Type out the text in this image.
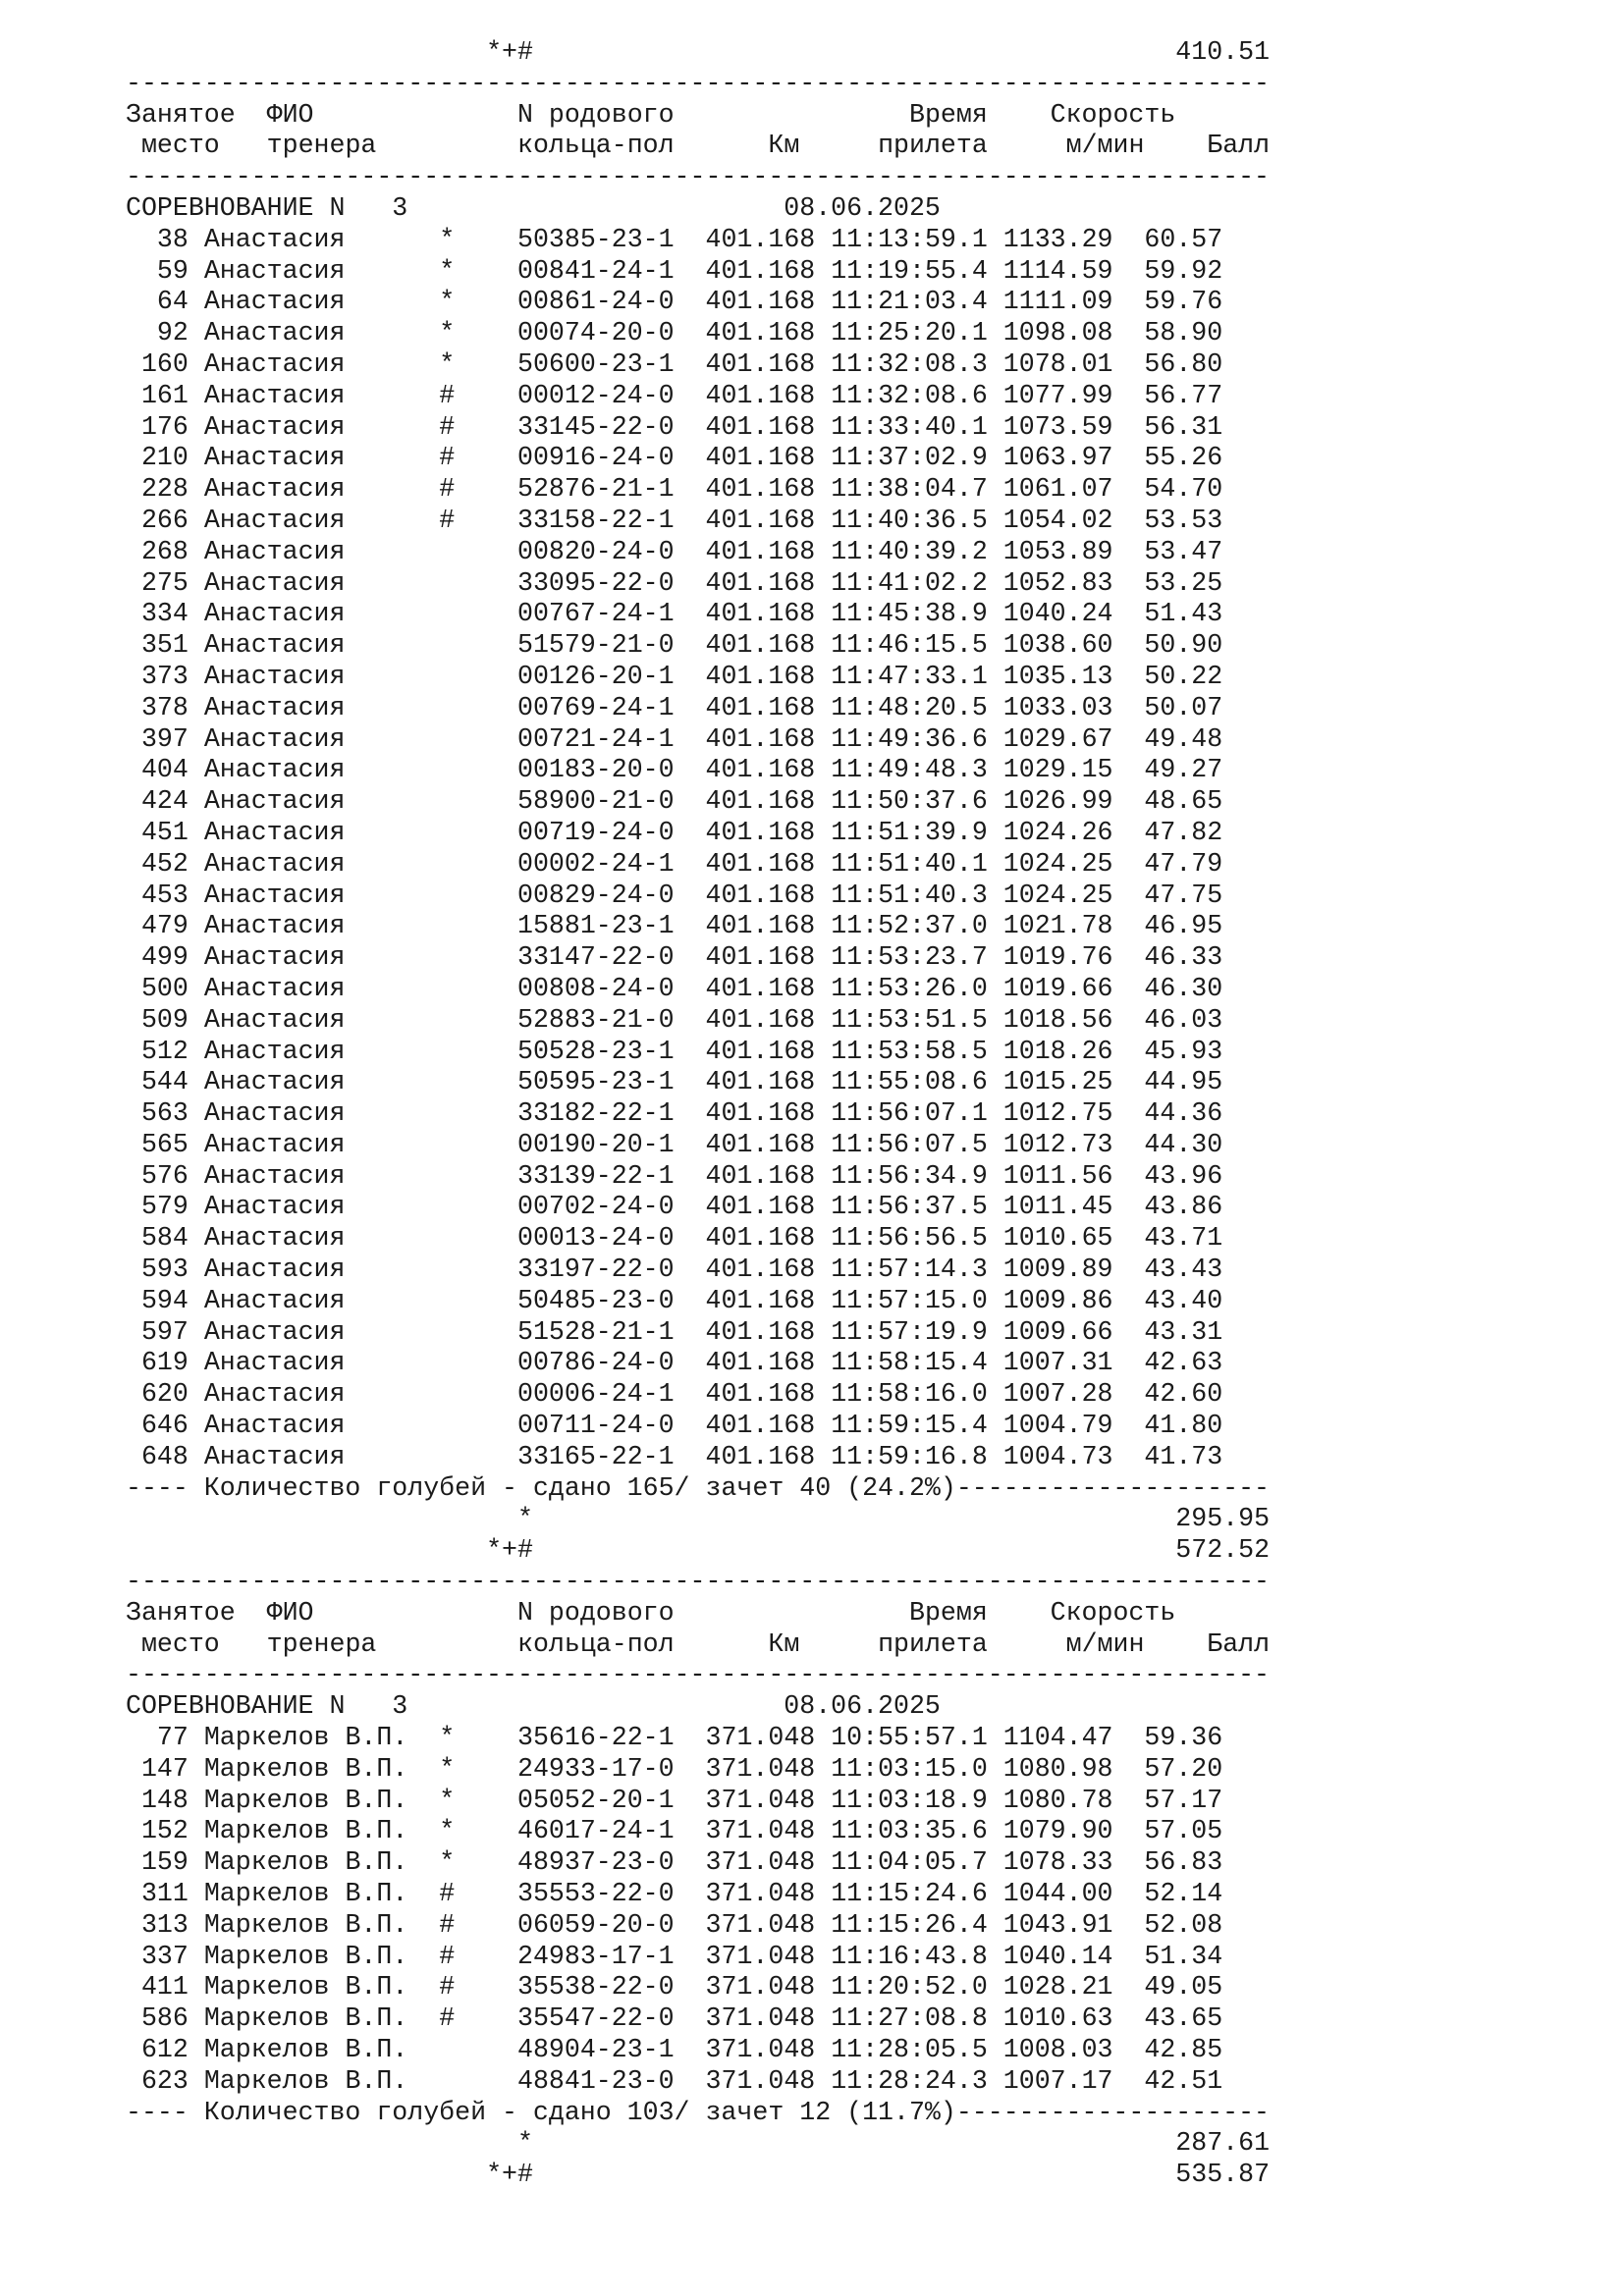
*+#	410.51
-------------------------------------------------------------------------
Занятое ФИО	N родового	Время Скорость
место тренера	кольца-пол	Км	прилета	м/мин Балл
-------------------------------------------------------------------------
СОРЕВНОВАНИЕ N   3	08.06.2025
38 Анастасия      *    50385-23-1  401.168 11:13:59.1 1133.29 60.57
59 Анастасия      *    00841-24-1  401.168 11:19:55.4 1114.59 59.92
64 Анастасия      *    00861-24-0  401.168 11:21:03.4 1111.09 59.76
92 Анастасия      *    00074-20-0  401.168 11:25:20.1 1098.08 58.90
160 Анастасия      *    50600-23-1  401.168 11:32:08.3 1078.01 56.80
161 Анастасия      #    00012-24-0  401.168 11:32:08.6 1077.99 56.77
176 Анастасия      #    33145-22-0  401.168 11:33:40.1 1073.59 56.31
210 Анастасия      #    00916-24-0  401.168 11:37:02.9 1063.97 55.26
228 Анастасия      #    52876-21-1  401.168 11:38:04.7 1061.07 54.70
266 Анастасия      #    33158-22-1  401.168 11:40:36.5 1054.02 53.53
268 Анастасия	00820-24-0  401.168 11:40:39.2 1053.89 53.47
275 Анастасия	33095-22-0  401.168 11:41:02.2 1052.83 53.25
334 Анастасия	00767-24-1  401.168 11:45:38.9 1040.24 51.43
351 Анастасия	51579-21-0  401.168 11:46:15.5 1038.60 50.90
373 Анастасия	00126-20-1  401.168 11:47:33.1 1035.13 50.22
378 Анастасия	00769-24-1  401.168 11:48:20.5 1033.03 50.07
397 Анастасия	00721-24-1  401.168 11:49:36.6 1029.67 49.48
404 Анастасия	00183-20-0  401.168 11:49:48.3 1029.15 49.27
424 Анастасия	58900-21-0  401.168 11:50:37.6 1026.99 48.65
451 Анастасия	00719-24-0  401.168 11:51:39.9 1024.26 47.82
452 Анастасия	00002-24-1  401.168 11:51:40.1 1024.25 47.79
453 Анастасия	00829-24-0  401.168 11:51:40.3 1024.25 47.75
479 Анастасия	15881-23-1  401.168 11:52:37.0 1021.78 46.95
499 Анастасия	33147-22-0  401.168 11:53:23.7 1019.76 46.33
500 Анастасия	00808-24-0  401.168 11:53:26.0 1019.66 46.30
509 Анастасия	52883-21-0  401.168 11:53:51.5 1018.56 46.03
512 Анастасия	50528-23-1  401.168 11:53:58.5 1018.26 45.93
544 Анастасия	50595-23-1  401.168 11:55:08.6 1015.25 44.95
563 Анастасия	33182-22-1  401.168 11:56:07.1 1012.75 44.36
565 Анастасия	00190-20-1  401.168 11:56:07.5 1012.73 44.30
576 Анастасия	33139-22-1  401.168 11:56:34.9 1011.56 43.96
579 Анастасия	00702-24-0  401.168 11:56:37.5 1011.45 43.86
584 Анастасия	00013-24-0  401.168 11:56:56.5 1010.65 43.71
593 Анастасия	33197-22-0  401.168 11:57:14.3 1009.89 43.43
594 Анастасия	50485-23-0  401.168 11:57:15.0 1009.86 43.40
597 Анастасия	51528-21-1  401.168 11:57:19.9 1009.66 43.31
619 Анастасия	00786-24-0  401.168 11:58:15.4 1007.31 42.63
620 Анастасия	00006-24-1  401.168 11:58:16.0 1007.28 42.60
646 Анастасия	00711-24-0  401.168 11:59:15.4 1004.79 41.80
648 Анастасия	33165-22-1  401.168 11:59:16.8 1004.73 41.73
---- Количество голубей - сдано 165/ зачет 40 (24.2%)--------------------
*	295.95
*+#	572.52
-------------------------------------------------------------------------
Занятое ФИО	N родового	Время Скорость
место тренера	кольца-пол	Км	прилета	м/мин Балл
-------------------------------------------------------------------------
СОРЕВНОВАНИЕ N   3	08.06.2025
77 Маркелов В.П.  *    35616-22-1  371.048 10:55:57.1 1104.47 59.36
147 Маркелов В.П.  *    24933-17-0  371.048 11:03:15.0 1080.98 57.20
148 Маркелов В.П.  *    05052-20-1  371.048 11:03:18.9 1080.78 57.17
152 Маркелов В.П.  *    46017-24-1  371.048 11:03:35.6 1079.90 57.05
159 Маркелов В.П.  *    48937-23-0  371.048 11:04:05.7 1078.33 56.83
311 Маркелов В.П.  #    35553-22-0  371.048 11:15:24.6 1044.00 52.14
313 Маркелов В.П.  #    06059-20-0  371.048 11:15:26.4 1043.91 52.08
337 Маркелов В.П.  #    24983-17-1  371.048 11:16:43.8 1040.14 51.34
411 Маркелов В.П.  #    35538-22-0  371.048 11:20:52.0 1028.21 49.05
586 Маркелов В.П.  #    35547-22-0  371.048 11:27:08.8 1010.63 43.65
612 Маркелов В.П.	48904-23-1  371.048 11:28:05.5 1008.03 42.85
623 Маркелов В.П.	48841-23-0  371.048 11:28:24.3 1007.17 42.51
---- Количество голубей - сдано 103/ зачет 12 (11.7%)--------------------
*	287.61
*+#	535.87
